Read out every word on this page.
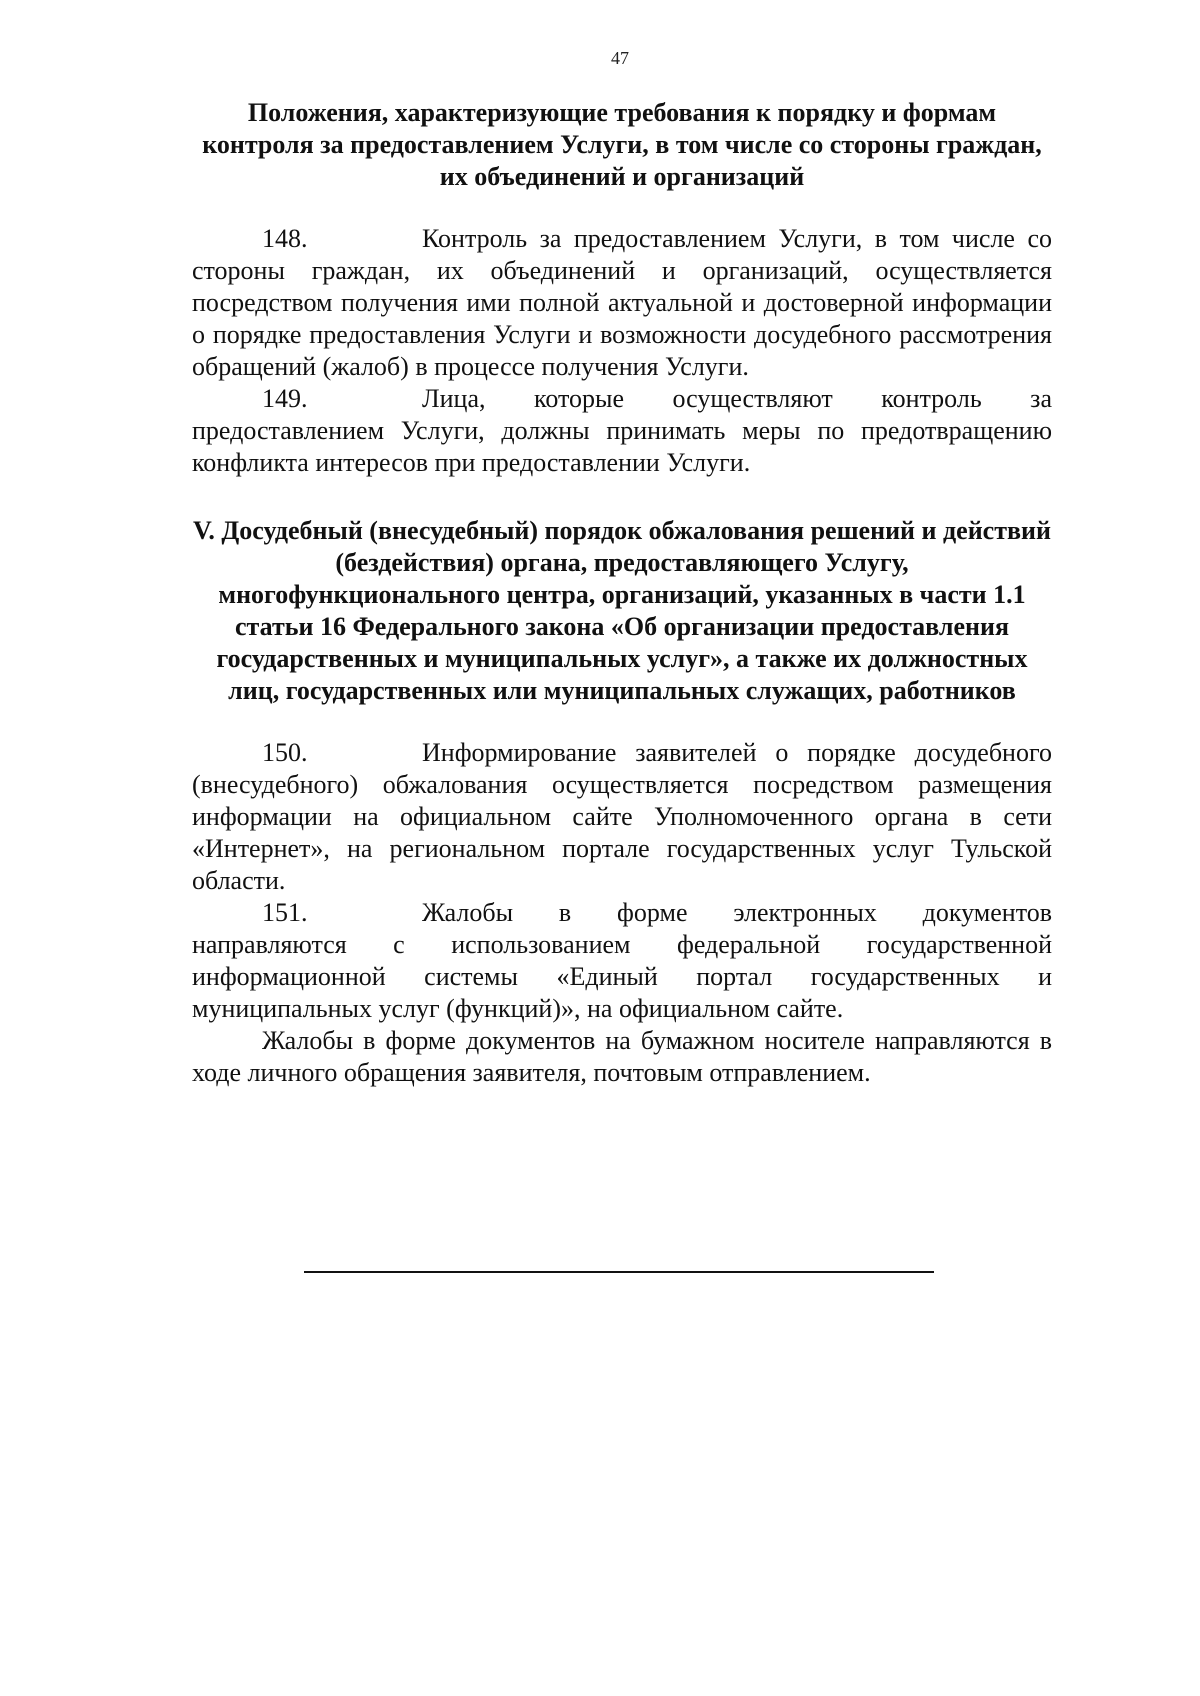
47

Положения, характеризующие требования к порядку и формам контроля за предоставлением Услуги, в том числе со стороны граждан, их объединений и организаций

148.	Контроль за предоставлением Услуги, в том числе со стороны граждан, их объединений и организаций, осуществляется посредством получения ими полной актуальной и достоверной информации о порядке предоставления Услуги и возможности досудебного рассмотрения обращений (жалоб) в процессе получения Услуги.

149.	Лица, которые осуществляют контроль за предоставлением Услуги, должны принимать меры по предотвращению конфликта интересов при предоставлении Услуги.

V. Досудебный (внесудебный) порядок обжалования решений и действий (бездействия) органа, предоставляющего Услугу, многофункционального центра, организаций, указанных в части 1.1 статьи 16 Федерального закона «Об организации предоставления государственных и муниципальных услуг», а также их должностных лиц, государственных или муниципальных служащих, работников

150.	Информирование заявителей о порядке досудебного (внесудебного) обжалования осуществляется посредством размещения информации на официальном сайте Уполномоченного органа в сети «Интернет», на региональном портале государственных услуг Тульской области.

151.	Жалобы в форме электронных документов направляются с использованием федеральной государственной информационной системы «Единый портал государственных и муниципальных услуг (функций)», на официальном сайте.

Жалобы в форме документов на бумажном носителе направляются в ходе личного обращения заявителя, почтовым отправлением.
